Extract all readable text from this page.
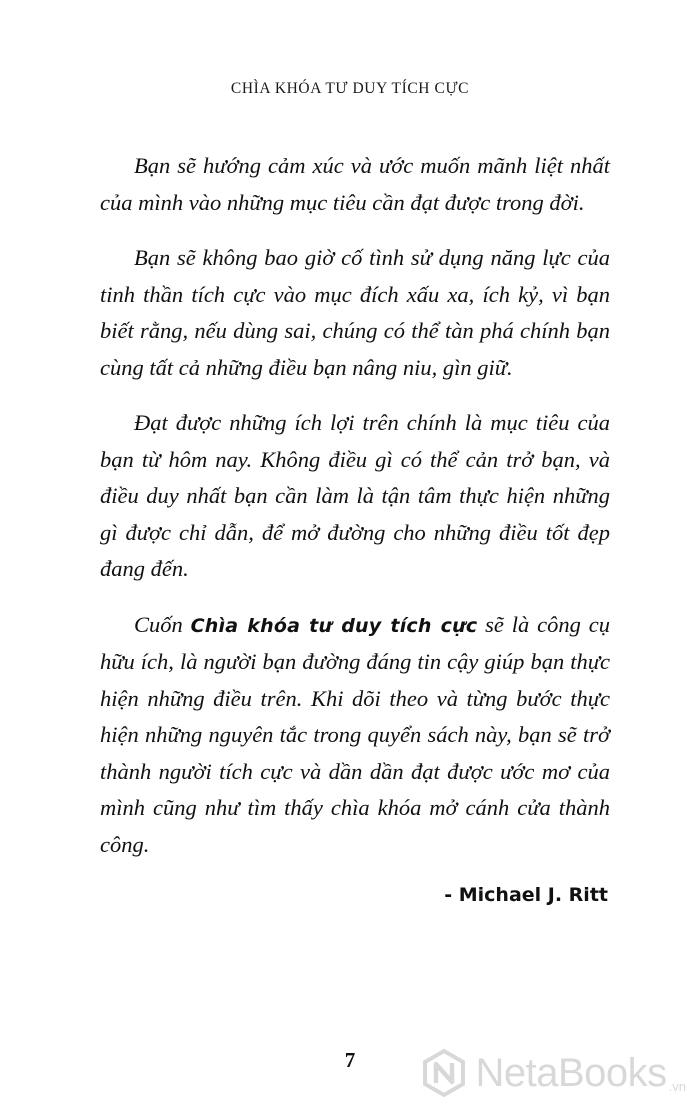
CHÌA KHÓA TƯ DUY TÍCH CỰC

Bạn sẽ hướng cảm xúc và ước muốn mãnh liệt nhất của mình vào những mục tiêu cần đạt được trong đời.

Bạn sẽ không bao giờ cố tình sử dụng năng lực của tinh thần tích cực vào mục đích xấu xa, ích kỷ, vì bạn biết rằng, nếu dùng sai, chúng có thể tàn phá chính bạn cùng tất cả những điều bạn nâng niu, gìn giữ.

Đạt được những ích lợi trên chính là mục tiêu của bạn từ hôm nay. Không điều gì có thể cản trở bạn, và điều duy nhất bạn cần làm là tận tâm thực hiện những gì được chỉ dẫn, để mở đường cho những điều tốt đẹp đang đến.

Cuốn Chìa khóa tư duy tích cực sẽ là công cụ hữu ích, là người bạn đường đáng tin cậy giúp bạn thực hiện những điều trên. Khi dõi theo và từng bước thực hiện những nguyên tắc trong quyển sách này, bạn sẽ trở thành người tích cực và dần dần đạt được ước mơ của mình cũng như tìm thấy chìa khóa mở cánh cửa thành công.

- Michael J. Ritt
7	NetaBooks .vn
